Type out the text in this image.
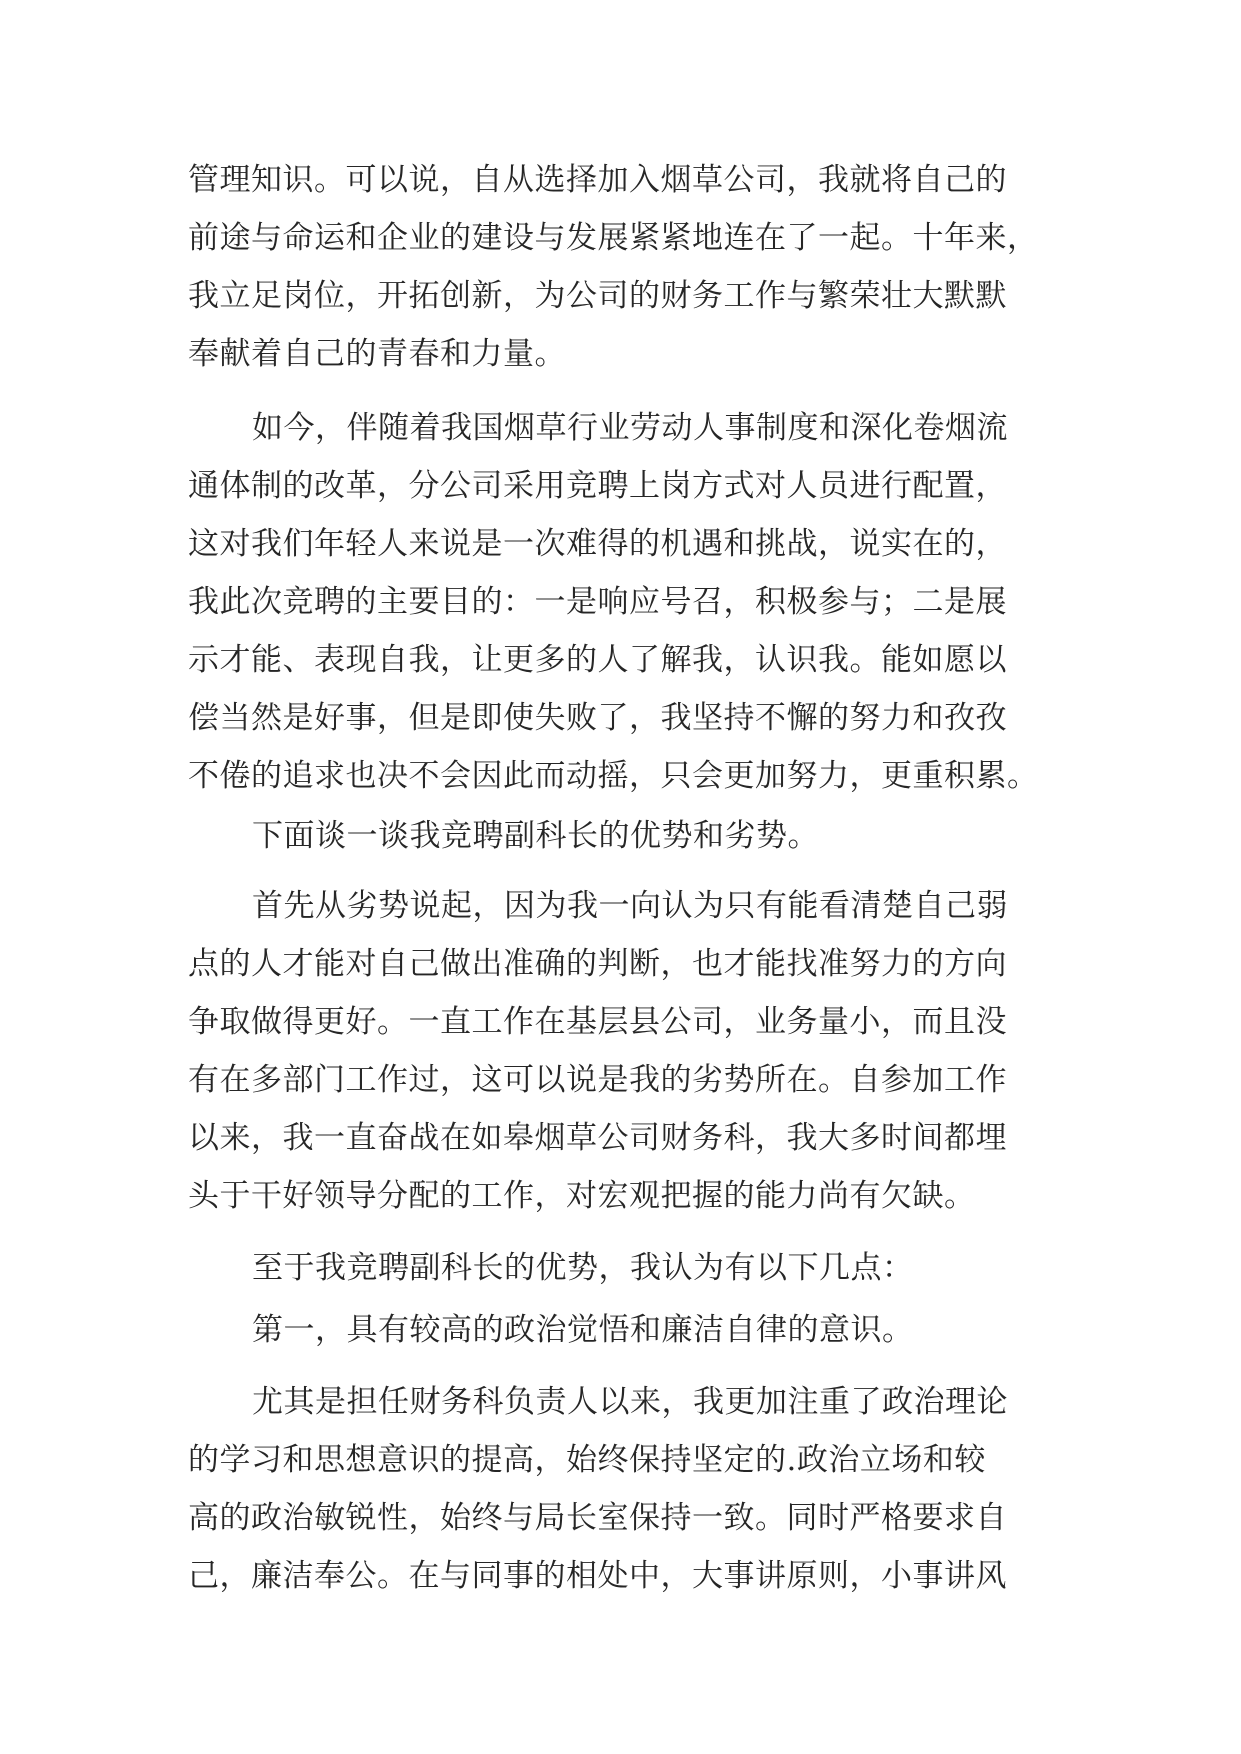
管理知识。可以说，自从选择加入烟草公司，我就将自己的
前途与命运和企业的建设与发展紧紧地连在了一起。十年来，
我立足岗位，开拓创新，为公司的财务工作与繁荣壮大默默
奉献着自己的青春和力量。
如今，伴随着我国烟草行业劳动人事制度和深化卷烟流
通体制的改革，分公司采用竞聘上岗方式对人员进行配置，
这对我们年轻人来说是一次难得的机遇和挑战，说实在的，
我此次竞聘的主要目的：一是响应号召，积极参与；二是展
示才能、表现自我，让更多的人了解我，认识我。能如愿以
偿当然是好事，但是即使失败了，我坚持不懈的努力和孜孜
不倦的追求也决不会因此而动摇，只会更加努力，更重积累。
下面谈一谈我竞聘副科长的优势和劣势。
首先从劣势说起，因为我一向认为只有能看清楚自己弱
点的人才能对自己做出准确的判断，也才能找准努力的方向
争取做得更好。一直工作在基层县公司，业务量小，而且没
有在多部门工作过，这可以说是我的劣势所在。自参加工作
以来，我一直奋战在如皋烟草公司财务科，我大多时间都埋
头于干好领导分配的工作，对宏观把握的能力尚有欠缺。
至于我竞聘副科长的优势，我认为有以下几点：
第一，具有较高的政治觉悟和廉洁自律的意识。
尤其是担任财务科负责人以来，我更加注重了政治理论
的学习和思想意识的提高，始终保持坚定的.政治立场和较
高的政治敏锐性，始终与局长室保持一致。同时严格要求自
己，廉洁奉公。在与同事的相处中，大事讲原则，小事讲风
